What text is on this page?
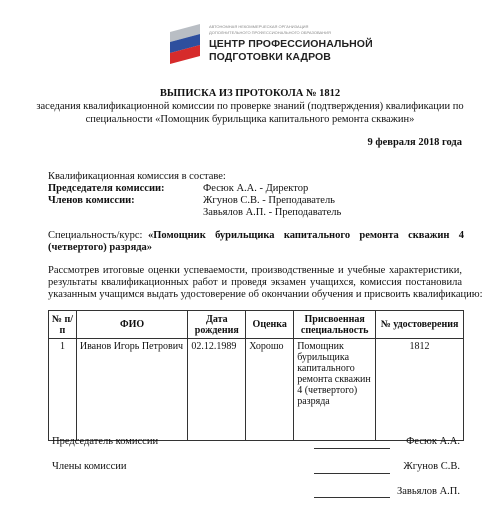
АВТОНОМНАЯ НЕКОММЕРЧЕСКАЯ ОРГАНИЗАЦИЯ
ДОПОЛНИТЕЛЬНОГО ПРОФЕССИОНАЛЬНОГО ОБРАЗОВАНИЯ
ЦЕНТР ПРОФЕССИОНАЛЬНОЙ
ПОДГОТОВКИ КАДРОВ
ВЫПИСКА ИЗ ПРОТОКОЛА № 1812
заседания квалификационной комиссии по проверке знаний (подтверждения) квалификации по
специальности «Помощник бурильщика капитального ремонта скважин»
9 февраля 2018 года
Квалификационная комиссия в составе:
Председателя комиссии:	Фесюк А.А. - Директор
Членов комиссии:	Жгунов С.В. - Преподаватель
Завьялов А.П. - Преподаватель
Специальность/курс: «Помощник бурильщика капитального ремонта скважин 4
(четвертого) разряда»
Рассмотрев итоговые оценки успеваемости, производственные и учебные характеристики,
результаты квалификационных работ и проведя экзамен учащихся, комиссия постановила
указанным учащимся выдать удостоверение об окончании обучения и присвоить квалификацию:
№ п/п	ФИО	Дата рождения	Оценка	Присвоенная специальность	№ удостоверения
1	Иванов Игорь Петрович	02.12.1989	Хорошо	Помощник бурильщика капитального ремонта скважин 4 (четвертого) разряда	1812
Председатель комиссии	Фесюк А.А.
Члены комиссии	Жгунов С.В.
Завьялов А.П.
